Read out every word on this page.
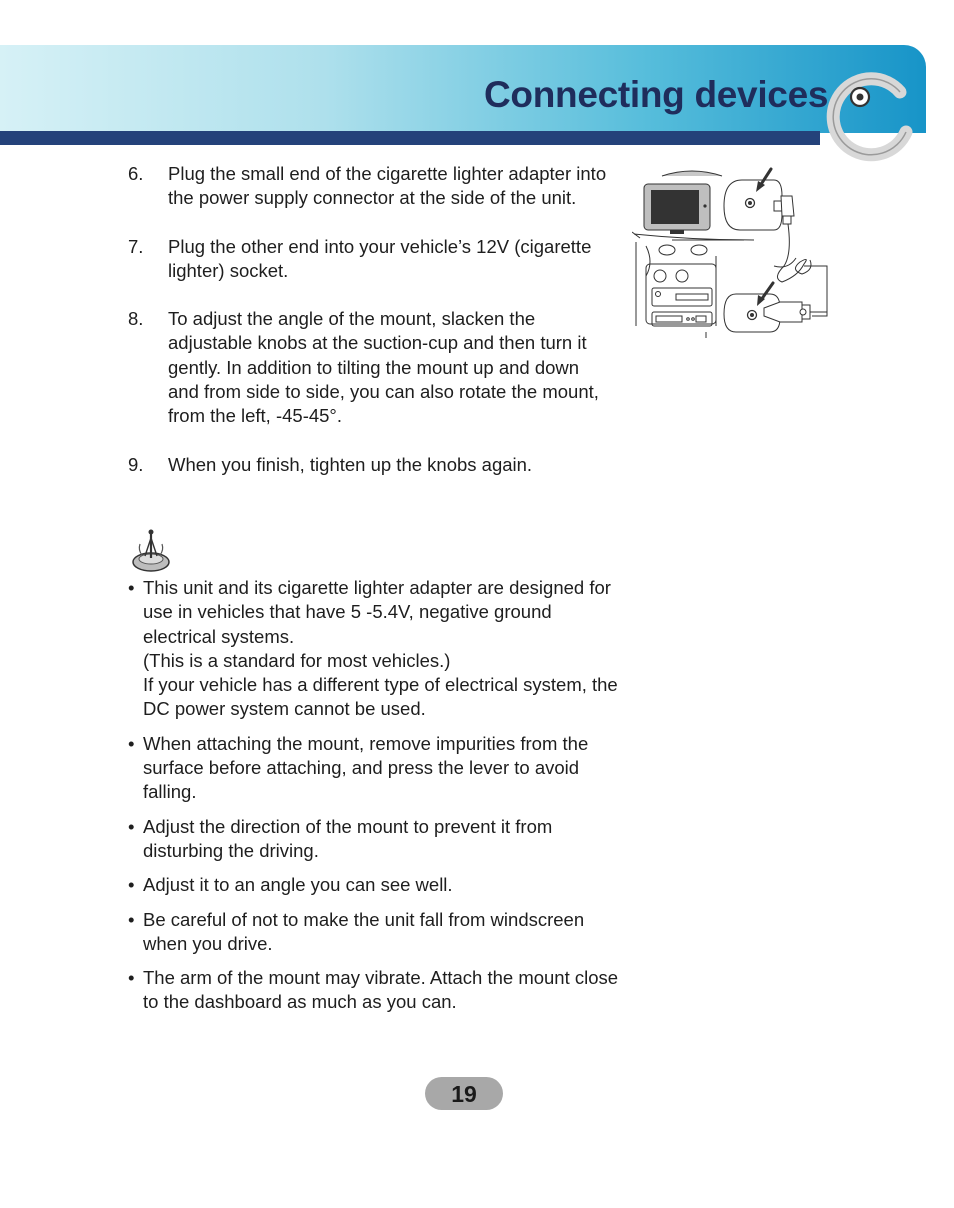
Connecting devices
6. Plug the small end of the cigarette lighter adapter into the power supply connector at the side of the unit.
7. Plug the other end into your vehicle’s 12V (cigarette lighter) socket.
8. To adjust the angle of the mount, slacken the adjustable knobs at the suction-cup and then turn it gently. In addition to tilting the mount up and down and from side to side, you can also rotate the mount, from the left, -45-45°.
9. When you finish, tighten up the knobs again.
• This unit and its cigarette lighter adapter are designed for use in vehicles that have 5 -5.4V, negative ground electrical systems.
(This is a standard for most vehicles.)
If your vehicle has a different type of electrical system, the DC power system cannot be used.
• When attaching the mount, remove impurities from the surface before attaching, and press the lever to avoid falling.
• Adjust the direction of the mount to prevent it from disturbing the driving.
• Adjust it to an angle you can see well.
• Be careful of not to make the unit fall from windscreen when you drive.
• The arm of the mount may vibrate. Attach the mount close to the dashboard as much as you can.
19
